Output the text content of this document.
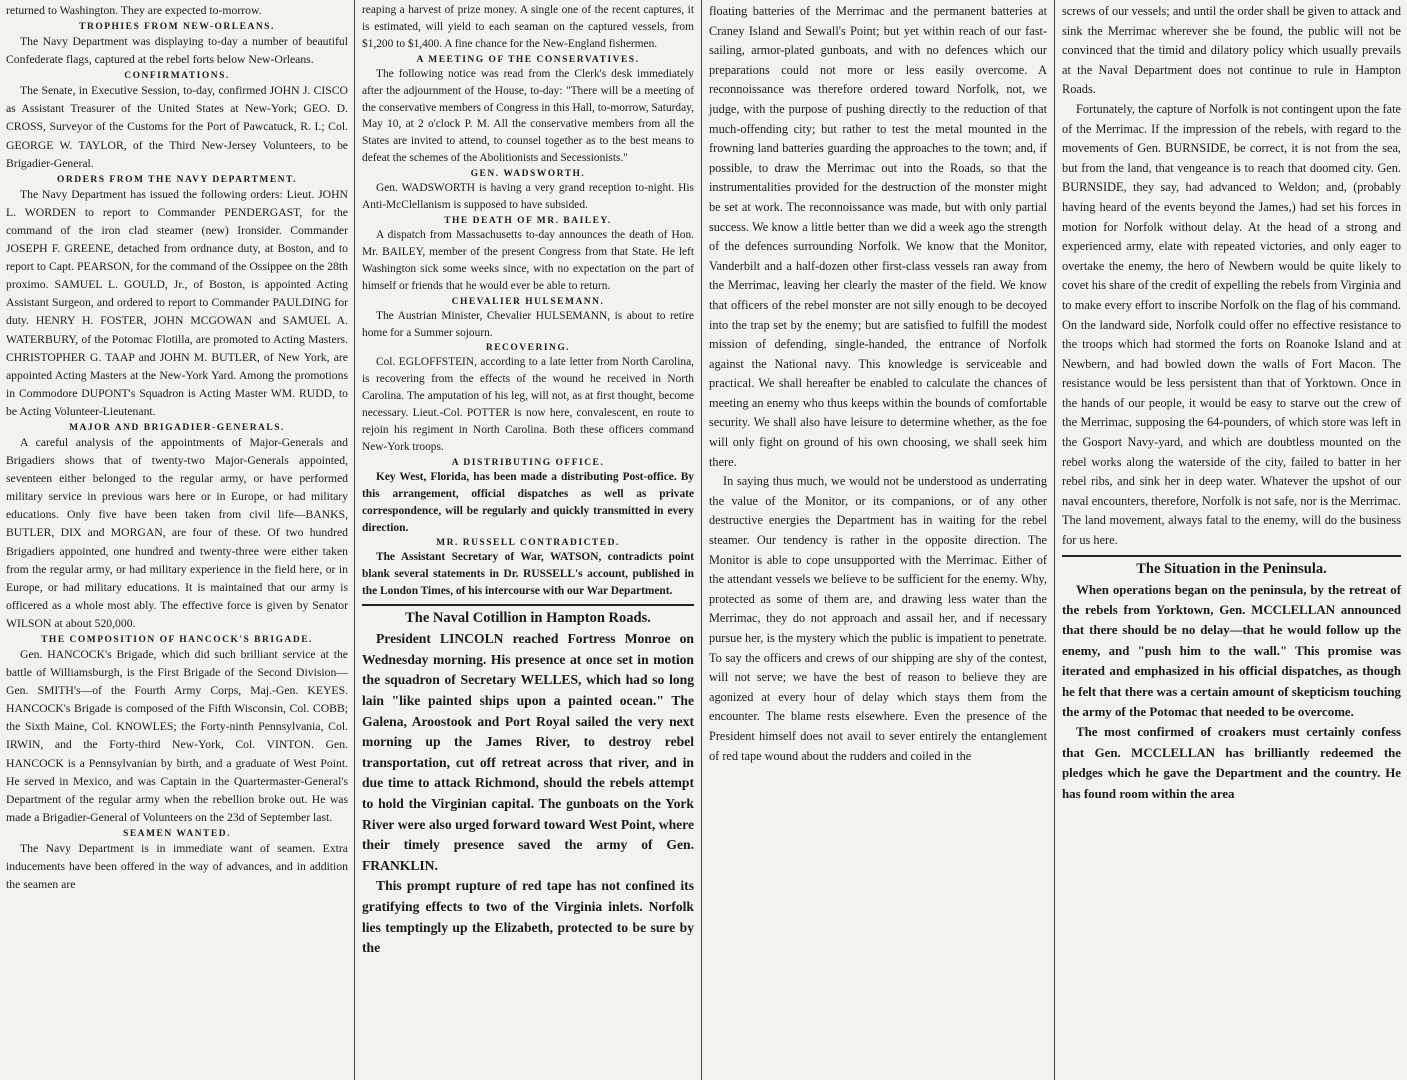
returned to Washington. They are expected to-morrow.

TROPHIES FROM NEW-ORLEANS.

The Navy Department was displaying to-day a number of beautiful Confederate flags, captured at the rebel forts below New-Orleans.

CONFIRMATIONS.

The Senate, in Executive Session, to-day, confirmed JOHN J. CISCO as Assistant Treasurer of the United States at New-York; GEO. D. CROSS, Surveyor of the Customs for the Port of Pawcatuck, R. I.; Col. GEORGE W. TAYLOR, of the Third New-Jersey Volunteers, to be Brigadier-General.

ORDERS FROM THE NAVY DEPARTMENT.

The Navy Department has issued the following orders: Lieut. JOHN L. WORDEN to report to Commander PENDERGAST, for the command of the iron clad steamer (new) Ironsider. Commander JOSEPH F. GREENE, detached from ordnance duty, at Boston, and to report to Capt. PEARSON, for the command of the Ossippee on the 28th proximo. SAMUEL L. GOULD, Jr., of Boston, is appointed Acting Assistant Surgeon, and ordered to report to Commander PAULDING for duty. HENRY H. FOSTER, JOHN MCGOWAN and SAMUEL A. WATERBURY, of the Potomac Flotilla, are promoted to Acting Masters. CHRISTOPHER G. TAAP and JOHN M. BUTLER, of New York, are appointed Acting Masters at the New-York Yard. Among the promotions in Commodore DUPONT's Squadron is Acting Master WM. RUDD, to be Acting Volunteer-Lieutenant.

MAJOR AND BRIGADIER-GENERALS.

A careful analysis of the appointments of Major-Generals and Brigadiers shows that of twenty-two Major-Generals appointed, seventeen either belonged to the regular army, or have performed military service in previous wars here or in Europe, or had military educations. Only five have been taken from civil life—BANKS, BUTLER, DIX and MORGAN, are four of these. Of two hundred Brigadiers appointed, one hundred and twenty-three were either taken from the regular army, or had military experience in the field here, or in Europe, or had military educations. It is maintained that our army is officered as a whole most ably. The effective force is given by Senator WILSON at about 520,000.

THE COMPOSITION OF HANCOCK'S BRIGADE.

Gen. HANCOCK's Brigade, which did such brilliant service at the battle of Williamsburgh, is the First Brigade of the Second Division—Gen. SMITH's—of the Fourth Army Corps, Maj.-Gen. KEYES. HANCOCK's Brigade is composed of the Fifth Wisconsin, Col. COBB; the Sixth Maine, Col. KNOWLES; the Forty-ninth Pennsylvania, Col. IRWIN, and the Forty-third New-York, Col. VINTON. Gen. HANCOCK is a Pennsylvanian by birth, and a graduate of West Point. He served in Mexico, and was Captain in the Quartermaster-General's Department of the regular army when the rebellion broke out. He was made a Brigadier-General of Volunteers on the 23d of September last.

SEAMEN WANTED.

The Navy Department is in immediate want of seamen. Extra inducements have been offered in the way of advances, and in addition the seamen are

reaping a harvest of prize money. A single one of the recent captures, it is estimated, will yield to each seaman on the captured vessels, from $1,200 to $1,400. A fine chance for the New-England fishermen.

A MEETING OF THE CONSERVATIVES.

The following notice was read from the Clerk's desk immediately after the adjournment of the House, to-day: "There will be a meeting of the conservative members of Congress in this Hall, to-morrow, Saturday, May 10, at 2 o'clock P. M. All the conservative members from all the States are invited to attend, to counsel together as to the best means to defeat the schemes of the Abolitionists and Secessionists."

GEN. WADSWORTH.

Gen. WADSWORTH is having a very grand reception to-night. His Anti-McClellanism is supposed to have subsided.

THE DEATH OF MR. BAILEY.

A dispatch from Massachusetts to-day announces the death of Hon. Mr. BAILEY, member of the present Congress from that State. He left Washington sick some weeks since, with no expectation on the part of himself or friends that he would ever be able to return.

CHEVALIER HULSEMANN.

The Austrian Minister, Chevalier HULSEMANN, is about to retire home for a Summer sojourn.

RECOVERING.

Col. EGLOFFSTEIN, according to a late letter from North Carolina, is recovering from the effects of the wound he received in North Carolina. The amputation of his leg, will not, as at first thought, become necessary. Lieut.-Col. POTTER is now here, convalescent, en route to rejoin his regiment in North Carolina. Both these officers command New-York troops.

A DISTRIBUTING OFFICE.

Key West, Florida, has been made a distributing Post-office. By this arrangement, official dispatches as well as private correspondence, will be regularly and quickly transmitted in every direction.

MR. RUSSELL CONTRADICTED.

The Assistant Secretary of War, WATSON, contradicts point blank several statements in Dr. RUSSELL's account, published in the London Times, of his intercourse with our War Department.

The Naval Cotillion in Hampton Roads.

President LINCOLN reached Fortress Monroe on Wednesday morning. His presence at once set in motion the squadron of Secretary WELLES, which had so long lain "like painted ships upon a painted ocean." The Galena, Aroostook and Port Royal sailed the very next morning up the James River, to destroy rebel transportation, cut off retreat across that river, and in due time to attack Richmond, should the rebels attempt to hold the Virginian capital. The gunboats on the York River were also urged forward toward West Point, where their timely presence saved the army of Gen. FRANKLIN.

This prompt rupture of red tape has not confined its gratifying effects to two of the Virginia inlets. Norfolk lies temptingly up the Elizabeth, protected to be sure by the

floating batteries of the Merrimac and the permanent batteries at Craney Island and Sewall's Point; but yet within reach of our fast-sailing, armor-plated gunboats, and with no defences which our preparations could not more or less easily overcome. A reconnoissance was therefore ordered toward Norfolk, not, we judge, with the purpose of pushing directly to the reduction of that much-offending city; but rather to test the metal mounted in the frowning land batteries guarding the approaches to the town; and, if possible, to draw the Merrimac out into the Roads, so that the instrumentalities provided for the destruction of the monster might be set at work. The reconnoissance was made, but with only partial success. We know a little better than we did a week ago the strength of the defences surrounding Norfolk. We know that the Monitor, Vanderbilt and a half-dozen other first-class vessels ran away from the Merrimac, leaving her clearly the master of the field. We know that officers of the rebel monster are not silly enough to be decoyed into the trap set by the enemy; but are satisfied to fulfill the modest mission of defending, single-handed, the entrance of Norfolk against the National navy. This knowledge is serviceable and practical. We shall hereafter be enabled to calculate the chances of meeting an enemy who thus keeps within the bounds of comfortable security. We shall also have leisure to determine whether, as the foe will only fight on ground of his own choosing, we shall seek him there.

In saying thus much, we would not be understood as underrating the value of the Monitor, or its companions, or of any other destructive energies the Department has in waiting for the rebel steamer. Our tendency is rather in the opposite direction. The Monitor is able to cope unsupported with the Merrimac. Either of the attendant vessels we believe to be sufficient for the enemy. Why, protected as some of them are, and drawing less water than the Merrimac, they do not approach and assail her, and if necessary pursue her, is the mystery which the public is impatient to penetrate. To say the officers and crews of our shipping are shy of the contest, will not serve; we have the best of reason to believe they are agonized at every hour of delay which stays them from the encounter. The blame rests elsewhere. Even the presence of the President himself does not avail to sever entirely the entanglement of red tape wound about the rudders and coiled in the

screws of our vessels; and until the order shall be given to attack and sink the Merrimac wherever she be found, the public will not be convinced that the timid and dilatory policy which usually prevails at the Naval Department does not continue to rule in Hampton Roads.

Fortunately, the capture of Norfolk is not contingent upon the fate of the Merrimac. If the impression of the rebels, with regard to the movements of Gen. BURNSIDE, be correct, it is not from the sea, but from the land, that vengeance is to reach that doomed city. Gen. BURNSIDE, they say, had advanced to Weldon; and, (probably having heard of the events beyond the James,) had set his forces in motion for Norfolk without delay. At the head of a strong and experienced army, elate with repeated victories, and only eager to overtake the enemy, the hero of Newbern would be quite likely to covet his share of the credit of expelling the rebels from Virginia and to make every effort to inscribe Norfolk on the flag of his command. On the landward side, Norfolk could offer no effective resistance to the troops which had stormed the forts on Roanoke Island and at Newbern, and had bowled down the walls of Fort Macon. The resistance would be less persistent than that of Yorktown. Once in the hands of our people, it would be easy to starve out the crew of the Merrimac, supposing the 64-pounders, of which store was left in the Gosport Navy-yard, and which are doubtless mounted on the rebel works along the waterside of the city, failed to batter in her rebel ribs, and sink her in deep water. Whatever the upshot of our naval encounters, therefore, Norfolk is not safe, nor is the Merrimac. The land movement, always fatal to the enemy, will do the business for us here.

The Situation in the Peninsula.

When operations began on the peninsula, by the retreat of the rebels from Yorktown, Gen. MCCLELLAN announced that there should be no delay—that he would follow up the enemy, and "push him to the wall." This promise was iterated and emphasized in his official dispatches, as though he felt that there was a certain amount of skepticism touching the army of the Potomac that needed to be overcome.

The most confirmed of croakers must certainly confess that Gen. MCCLELLAN has brilliantly redeemed the pledges which he gave the Department and the country. He has found room within the area
